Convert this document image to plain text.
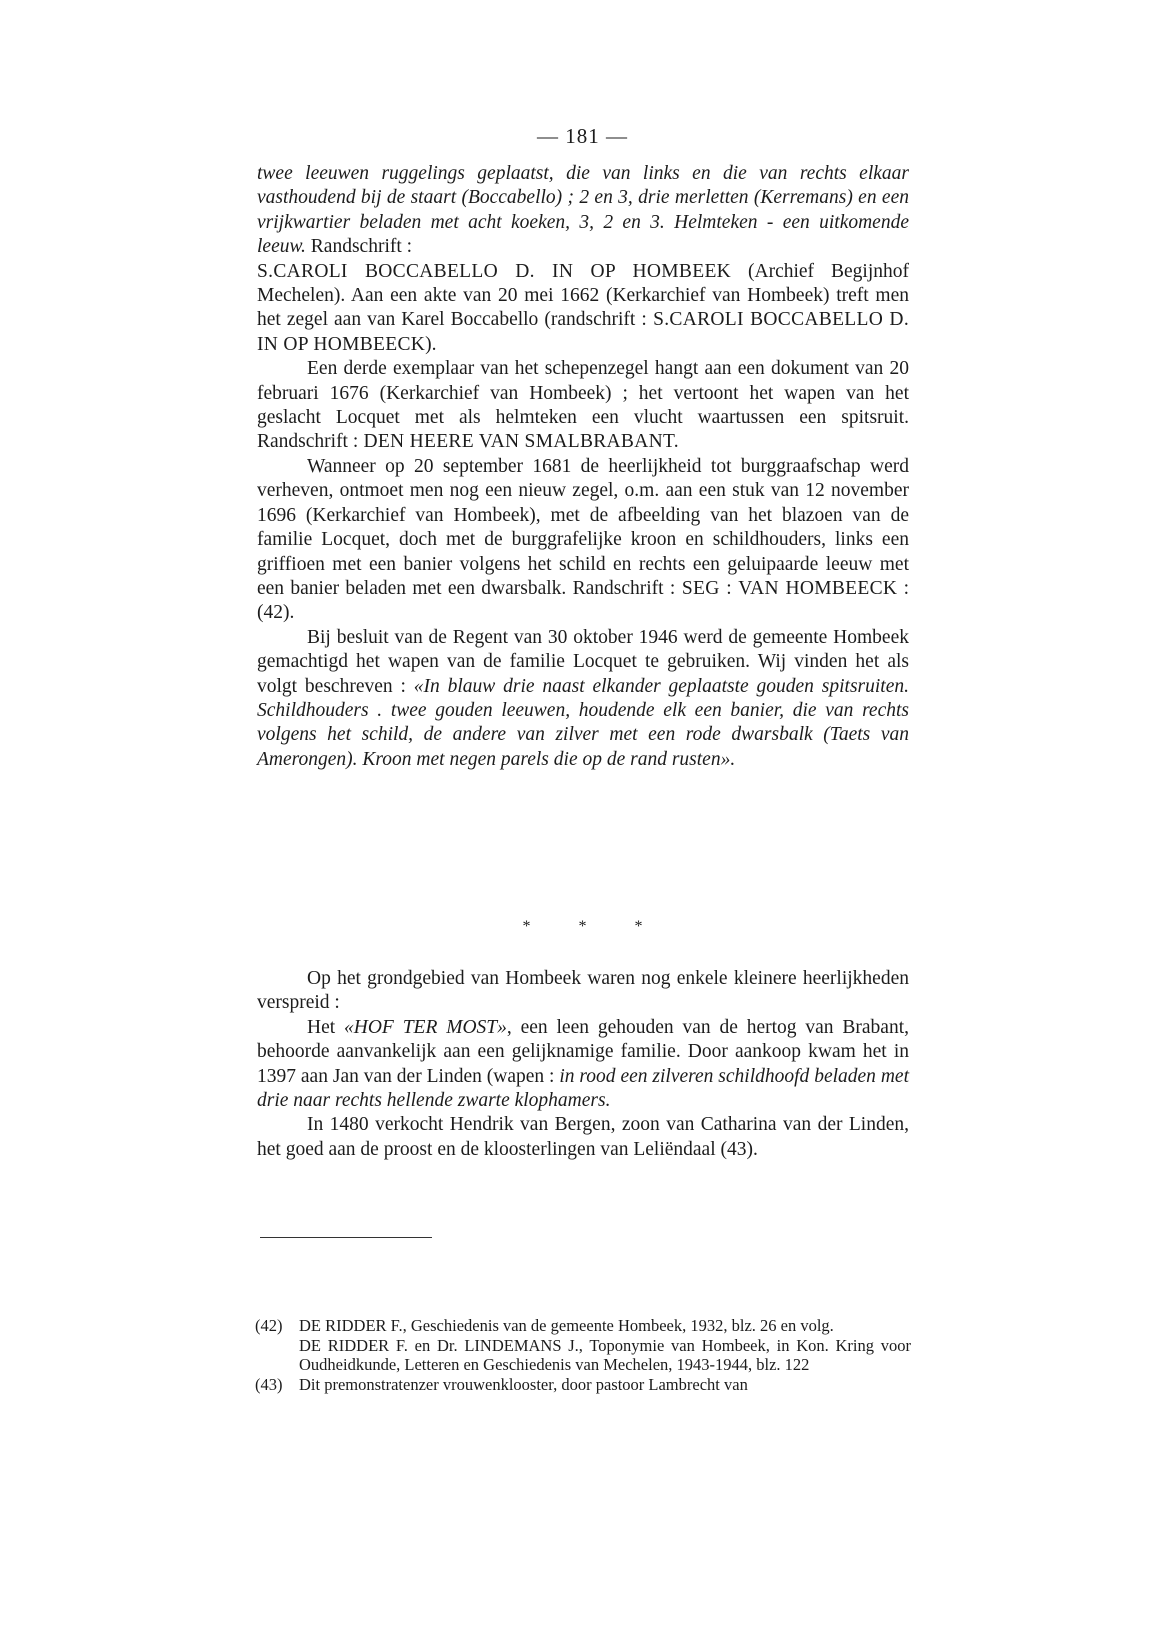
— 181 —

twee leeuwen ruggelings geplaatst, die van links en die van rechts elkaar vasthoudend bij de staart (Boccabello) ; 2 en 3, drie merletten (Kerremans) en een vrijkwartier beladen met acht koeken, 3, 2 en 3. Helmteken - een uitkomende leeuw. Randschrift :
S.CAROLI BOCCABELLO D. IN OP HOMBEEK (Archief Begijnhof Mechelen). Aan een akte van 20 mei 1662 (Kerkarchief van Hombeek) treft men het zegel aan van Karel Boccabello (randschrift : S.CAROLI BOCCABELLO D. IN OP HOMBEECK).

Een derde exemplaar van het schepenzegel hangt aan een dokument van 20 februari 1676 (Kerkarchief van Hombeek) ; het vertoont het wapen van het geslacht Locquet met als helmteken een vlucht waartussen een spitsruit. Randschrift : DEN HEERE VAN SMALBRABANT.

Wanneer op 20 september 1681 de heerlijkheid tot burggraafschap werd verheven, ontmoet men nog een nieuw zegel, o.m. aan een stuk van 12 november 1696 (Kerkarchief van Hombeek), met de afbeelding van het blazoen van de familie Locquet, doch met de burggrafelijke kroon en schildhouders, links een griffioen met een banier volgens het schild en rechts een geluipaarde leeuw met een banier beladen met een dwarsbalk. Randschrift : SEG : VAN HOMBEECK : (42).

Bij besluit van de Regent van 30 oktober 1946 werd de gemeente Hombeek gemachtigd het wapen van de familie Locquet te gebruiken. Wij vinden het als volgt beschreven : «In blauw drie naast elkander geplaatste gouden spitsruiten. Schildhouders . twee gouden leeuwen, houdende elk een banier, die van rechts volgens het schild, de andere van zilver met een rode dwarsbalk (Taets van Amerongen). Kroon met negen parels die op de rand rusten».

* * *

Op het grondgebied van Hombeek waren nog enkele kleinere heerlijkheden verspreid :

Het «HOF TER MOST», een leen gehouden van de hertog van Brabant, behoorde aanvankelijk aan een gelijknamige familie. Door aankoop kwam het in 1397 aan Jan van der Linden (wapen : in rood een zilveren schildhoofd beladen met drie naar rechts hellende zwarte klophamers.

In 1480 verkocht Hendrik van Bergen, zoon van Catharina van der Linden, het goed aan de proost en de kloosterlingen van Leliëndaal (43).

(42)	DE RIDDER F., Geschiedenis van de gemeente Hombeek, 1932, blz. 26 en volg.

DE RIDDER F. en Dr. LINDEMANS J., Toponymie van Hombeek, in Kon. Kring voor Oudheidkunde, Letteren en Geschiedenis van Mechelen, 1943-1944, blz. 122

(43)	Dit premonstratenzer vrouwenklooster, door pastoor Lambrecht van
